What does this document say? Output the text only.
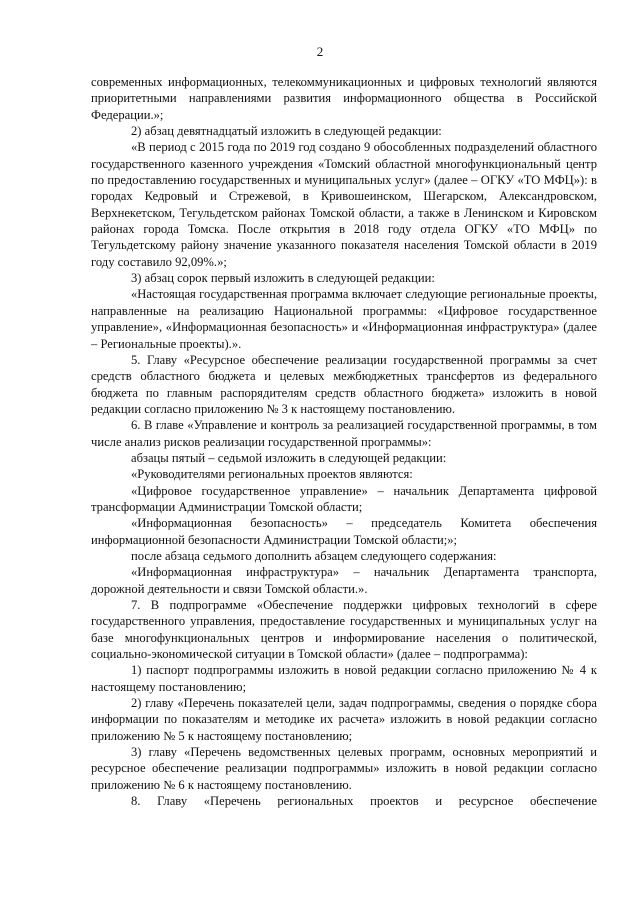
2

современных информационных, телекоммуникационных и цифровых технологий являются приоритетными направлениями развития информационного общества в Российской Федерации.»;

2) абзац девятнадцатый изложить в следующей редакции:

«В период с 2015 года по 2019 год создано 9 обособленных подразделений областного государственного казенного учреждения «Томский областной многофункциональный центр по предоставлению государственных и муниципальных услуг» (далее – ОГКУ «ТО МФЦ»): в городах Кедровый и Стрежевой, в Кривошеинском, Шегарском, Александровском, Верхнекетском, Тегульдетском районах Томской области, а также в Ленинском и Кировском районах города Томска. После открытия в 2018 году отдела ОГКУ «ТО МФЦ» по Тегульдетскому району значение указанного показателя населения Томской области в 2019 году составило 92,09%.»;

3) абзац сорок первый изложить в следующей редакции:

«Настоящая государственная программа включает следующие региональные проекты, направленные на реализацию Национальной программы: «Цифровое государственное управление», «Информационная безопасность» и «Информационная инфраструктура» (далее – Региональные проекты).».

5. Главу «Ресурсное обеспечение реализации государственной программы за счет средств областного бюджета и целевых межбюджетных трансфертов из федерального бюджета по главным распорядителям средств областного бюджета» изложить в новой редакции согласно приложению № 3 к настоящему постановлению.

6. В главе «Управление и контроль за реализацией государственной программы, в том числе анализ рисков реализации государственной программы»:

абзацы пятый – седьмой изложить в следующей редакции:

«Руководителями региональных проектов являются:

«Цифровое государственное управление» – начальник Департамента цифровой трансформации Администрации Томской области;

«Информационная безопасность» – председатель Комитета обеспечения информационной безопасности Администрации Томской области;»;

после абзаца седьмого дополнить абзацем следующего содержания:

«Информационная инфраструктура» – начальник Департамента транспорта, дорожной деятельности и связи Томской области.».

7. В подпрограмме «Обеспечение поддержки цифровых технологий в сфере государственного управления, предоставление государственных и муниципальных услуг на базе многофункциональных центров и информирование населения о политической, социально-экономической ситуации в Томской области» (далее – подпрограмма):

1) паспорт подпрограммы изложить в новой редакции согласно приложению № 4 к настоящему постановлению;

2) главу «Перечень показателей цели, задач подпрограммы, сведения о порядке сбора информации по показателям и методике их расчета» изложить в новой редакции согласно приложению № 5 к настоящему постановлению;

3) главу «Перечень ведомственных целевых программ, основных мероприятий и ресурсное обеспечение реализации подпрограммы» изложить в новой редакции согласно приложению № 6 к настоящему постановлению.

8. Главу «Перечень региональных проектов и ресурсное обеспечение
